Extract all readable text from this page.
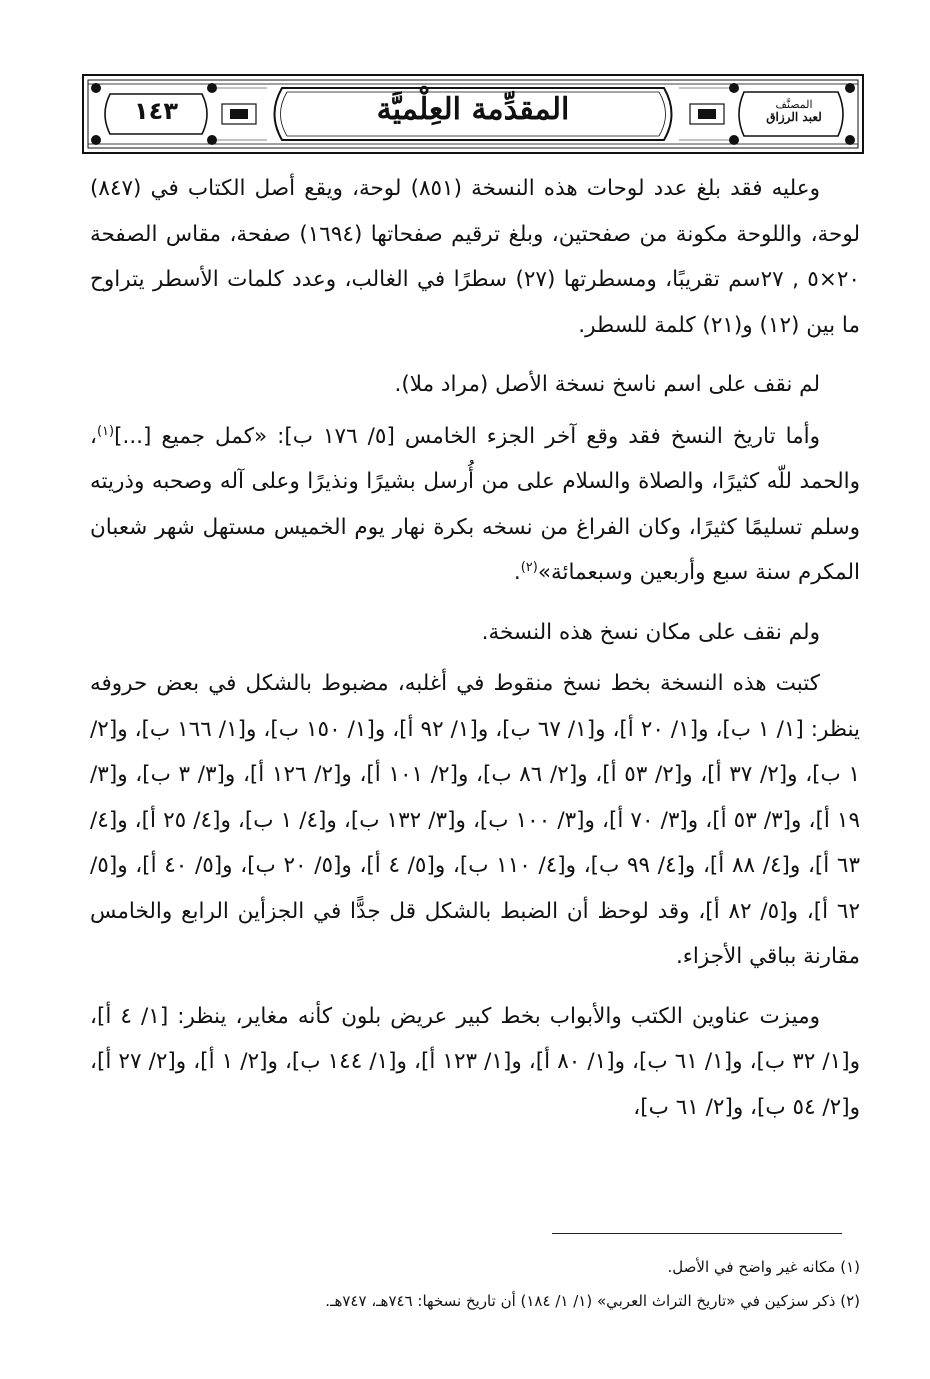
المقدِّمة العِلْميَّة
١٤٣	المصنَّف
لعبد الرزاق

وعليه فقد بلغ عدد لوحات هذه النسخة (٨٥١) لوحة، ويقع أصل الكتاب في (٨٤٧) لوحة، واللوحة مكونة من صفحتين، وبلغ ترقيم صفحاتها (١٦٩٤) صفحة، مقاس الصفحة ٢٠×٥ , ٢٧سم تقريبًا، ومسطرتها (٢٧) سطرًا في الغالب، وعدد كلمات الأسطر يتراوح ما بين (١٢) و(٢١) كلمة للسطر.

لم نقف على اسم ناسخ نسخة الأصل (مراد ملا).

وأما تاريخ النسخ فقد وقع آخر الجزء الخامس [٥/ ١٧٦ ب]: «كمل جميع [...]$^{(١)}$، والحمد للّه كثيرًا، والصلاة والسلام على من أُرسل بشيرًا ونذيرًا وعلى آله وصحبه وذريته وسلم تسليمًا كثيرًا، وكان الفراغ من نسخه بكرة نهار يوم الخميس مستهل شهر شعبان المكرم سنة سبع وأربعين وسبعمائة»$^{(٢)}$.

ولم نقف على مكان نسخ هذه النسخة.

كتبت هذه النسخة بخط نسخ منقوط في أغلبه، مضبوط بالشكل في بعض حروفه ينظر: [١/ ١ ب]، و[١/ ٢٠ أ]، و[١/ ٦٧ ب]، و[١/ ٩٢ أ]، و[١/ ١٥٠ ب]، و[١/ ١٦٦ ب]، و[٢/ ١ ب]، و[٢/ ٣٧ أ]، و[٢/ ٥٣ أ]، و[٢/ ٨٦ ب]، و[٢/ ١٠١ أ]، و[٢/ ١٢٦ أ]، و[٣/ ٣ ب]، و[٣/ ١٩ أ]، و[٣/ ٥٣ أ]، و[٣/ ٧٠ أ]، و[٣/ ١٠٠ ب]، و[٣/ ١٣٢ ب]، و[٤/ ١ ب]، و[٤/ ٢٥ أ]، و[٤/ ٦٣ أ]، و[٤/ ٨٨ أ]، و[٤/ ٩٩ ب]، و[٤/ ١١٠ ب]، و[٥/ ٤ أ]، و[٥/ ٢٠ ب]، و[٥/ ٤٠ أ]، و[٥/ ٦٢ أ]، و[٥/ ٨٢ أ]، وقد لوحظ أن الضبط بالشكل قل جدًّا في الجزأين الرابع والخامس مقارنة بباقي الأجزاء.

وميزت عناوين الكتب والأبواب بخط كبير عريض بلون كأنه مغاير، ينظر: [١/ ٤ أ]، و[١/ ٣٢ ب]، و[١/ ٦١ ب]، و[١/ ٨٠ أ]، و[١/ ١٢٣ أ]، و[١/ ١٤٤ ب]، و[٢/ ١ أ]، و[٢/ ٢٧ أ]، و[٢/ ٥٤ ب]، و[٢/ ٦١ ب]،

(١) مكانه غير واضح في الأصل.
(٢) ذكر سزكين في «تاريخ التراث العربي» (١/ ١/ ١٨٤) أن تاريخ نسخها: ٧٤٦هـ، ٧٤٧هـ.
